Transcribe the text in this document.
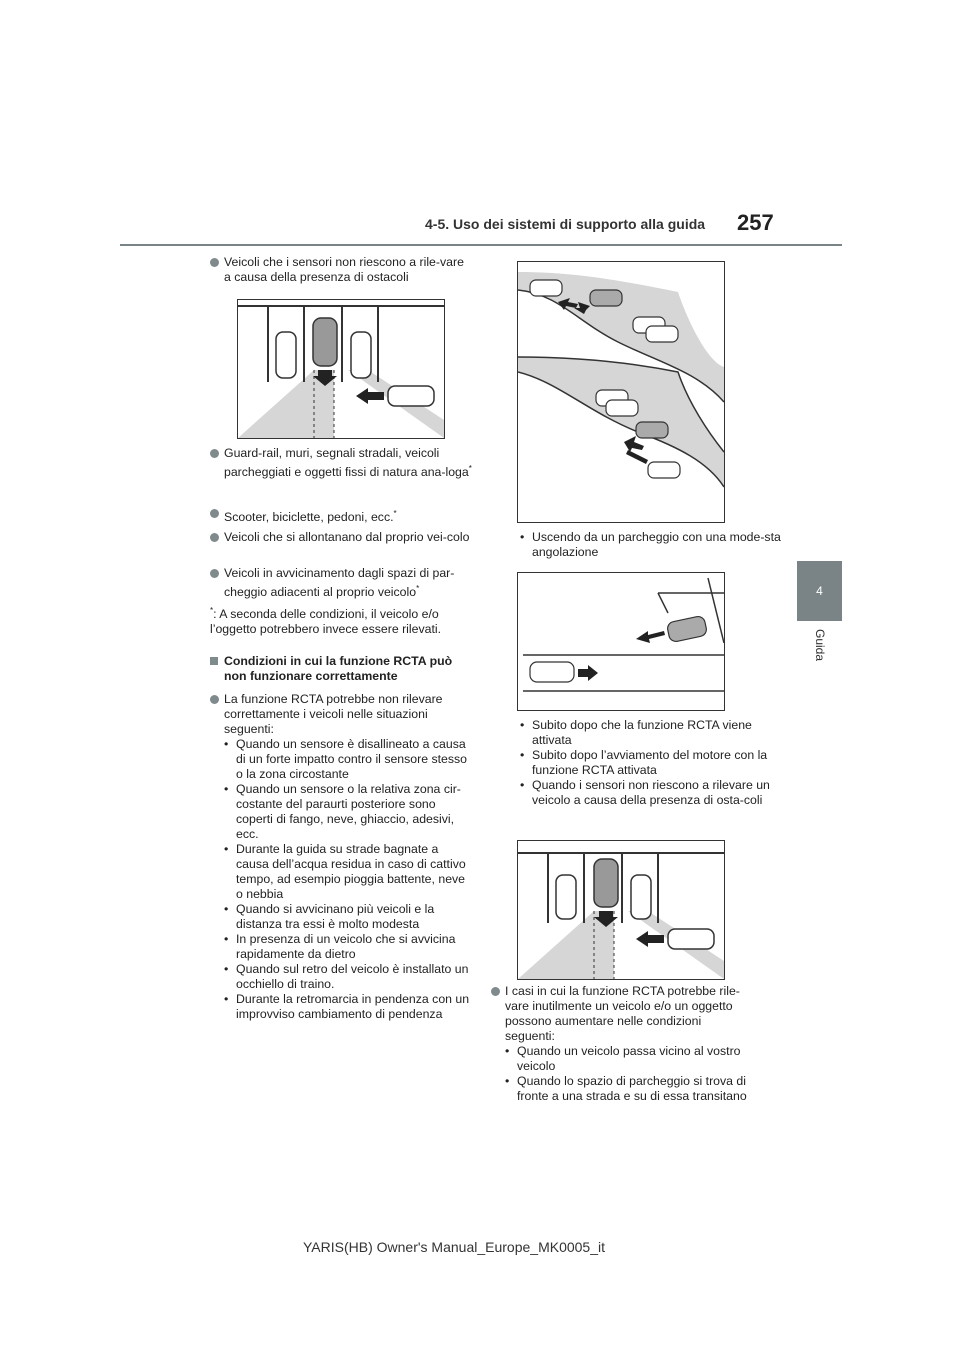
4-5. Uso dei sistemi di supporto alla guida 257
4
Guida
Veicoli che i sensori non riescono a rile-vare a causa della presenza di ostacoli
Guard-rail, muri, segnali stradali, veicoli parcheggiati e oggetti fissi di natura ana-loga*
Scooter, biciclette, pedoni, ecc.*
Veicoli che si allontanano dal proprio vei-colo
Veicoli in avvicinamento dagli spazi di par-cheggio adiacenti al proprio veicolo*
*: A seconda delle condizioni, il veicolo e/o l’oggetto potrebbero invece essere rilevati.
Condizioni in cui la funzione RCTA può non funzionare correttamente
La funzione RCTA potrebbe non rilevare correttamente i veicoli nelle situazioni seguenti:
• Quando un sensore è disallineato a causa di un forte impatto contro il sensore stesso o la zona circostante
• Quando un sensore o la relativa zona cir-costante del paraurti posteriore sono coperti di fango, neve, ghiaccio, adesivi, ecc.
• Durante la guida su strade bagnate a causa dell’acqua residua in caso di cattivo tempo, ad esempio pioggia battente, neve o nebbia
• Quando si avvicinano più veicoli e la distanza tra essi è molto modesta
• In presenza di un veicolo che si avvicina rapidamente da dietro
• Quando sul retro del veicolo è installato un occhiello di traino.
• Durante la retromarcia in pendenza con un improvviso cambiamento di pendenza
• Uscendo da un parcheggio con una mode-sta angolazione
• Subito dopo che la funzione RCTA viene attivata
• Subito dopo l’avviamento del motore con la funzione RCTA attivata
• Quando i sensori non riescono a rilevare un veicolo a causa della presenza di osta-coli
I casi in cui la funzione RCTA potrebbe rile-vare inutilmente un veicolo e/o un oggetto possono aumentare nelle condizioni seguenti:
• Quando un veicolo passa vicino al vostro veicolo
• Quando lo spazio di parcheggio si trova di fronte a una strada e su di essa transitano
YARIS(HB) Owner's Manual_Europe_MK0005_it
